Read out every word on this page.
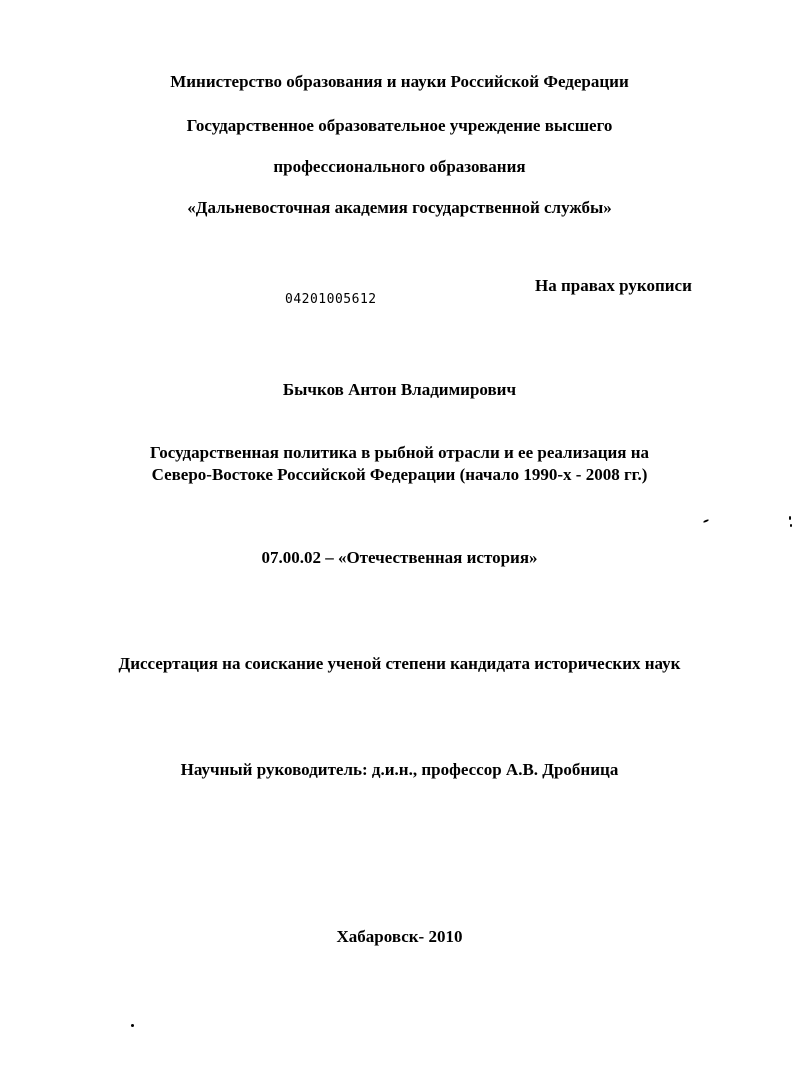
Министерство образования и науки Российской Федерации
Государственное образовательное учреждение высшего
профессионального образования
«Дальневосточная академия государственной службы»
На правах рукописи
04201005612
Бычков Антон Владимирович
Государственная политика в рыбной отрасли и ее реализация на
Северо-Востоке Российской Федерации (начало 1990-х - 2008 гг.)
07.00.02 – «Отечественная история»
Диссертация на соискание ученой степени кандидата исторических наук
Научный руководитель: д.и.н., профессор А.В. Дробница
Хабаровск- 2010
